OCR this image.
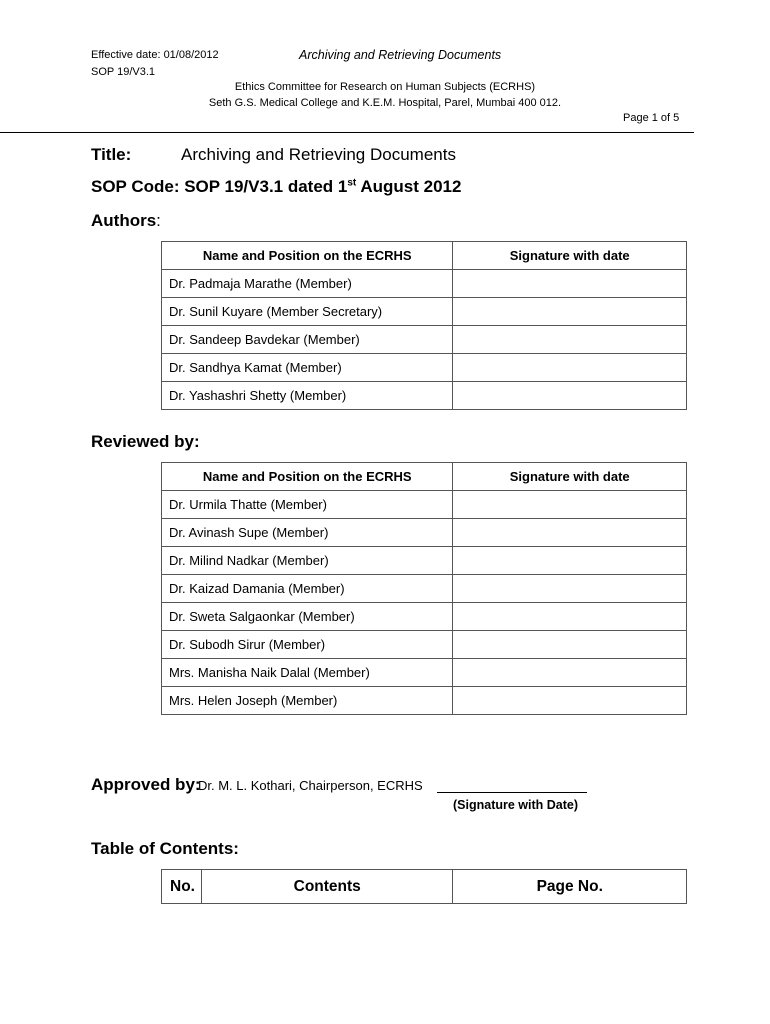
Effective date: 01/08/2012	Archiving and Retrieving Documents
SOP 19/V3.1
Ethics Committee for Research on Human Subjects (ECRHS)
Seth G.S. Medical College and K.E.M. Hospital, Parel, Mumbai 400 012.
Page 1 of 5
Title:	Archiving and Retrieving Documents
SOP Code: SOP 19/V3.1 dated 1st August 2012
Authors:
Name and Position on the ECRHS	Signature with date
Dr. Padmaja Marathe (Member)	
Dr. Sunil Kuyare (Member Secretary)	
Dr. Sandeep Bavdekar (Member)	
Dr. Sandhya Kamat (Member)	
Dr. Yashashri Shetty (Member)	
Reviewed by:
Name and Position on the ECRHS	Signature with date
Dr. Urmila Thatte (Member)	
Dr. Avinash Supe (Member)	
Dr. Milind Nadkar (Member)	
Dr. Kaizad Damania (Member)	
Dr. Sweta Salgaonkar (Member)	
Dr. Subodh Sirur (Member)	
Mrs. Manisha Naik Dalal (Member)	
Mrs. Helen Joseph (Member)	
Approved by:
Dr. M. L. Kothari, Chairperson, ECRHS
(Signature with Date)
Table of Contents:
No.	Contents	Page No.
